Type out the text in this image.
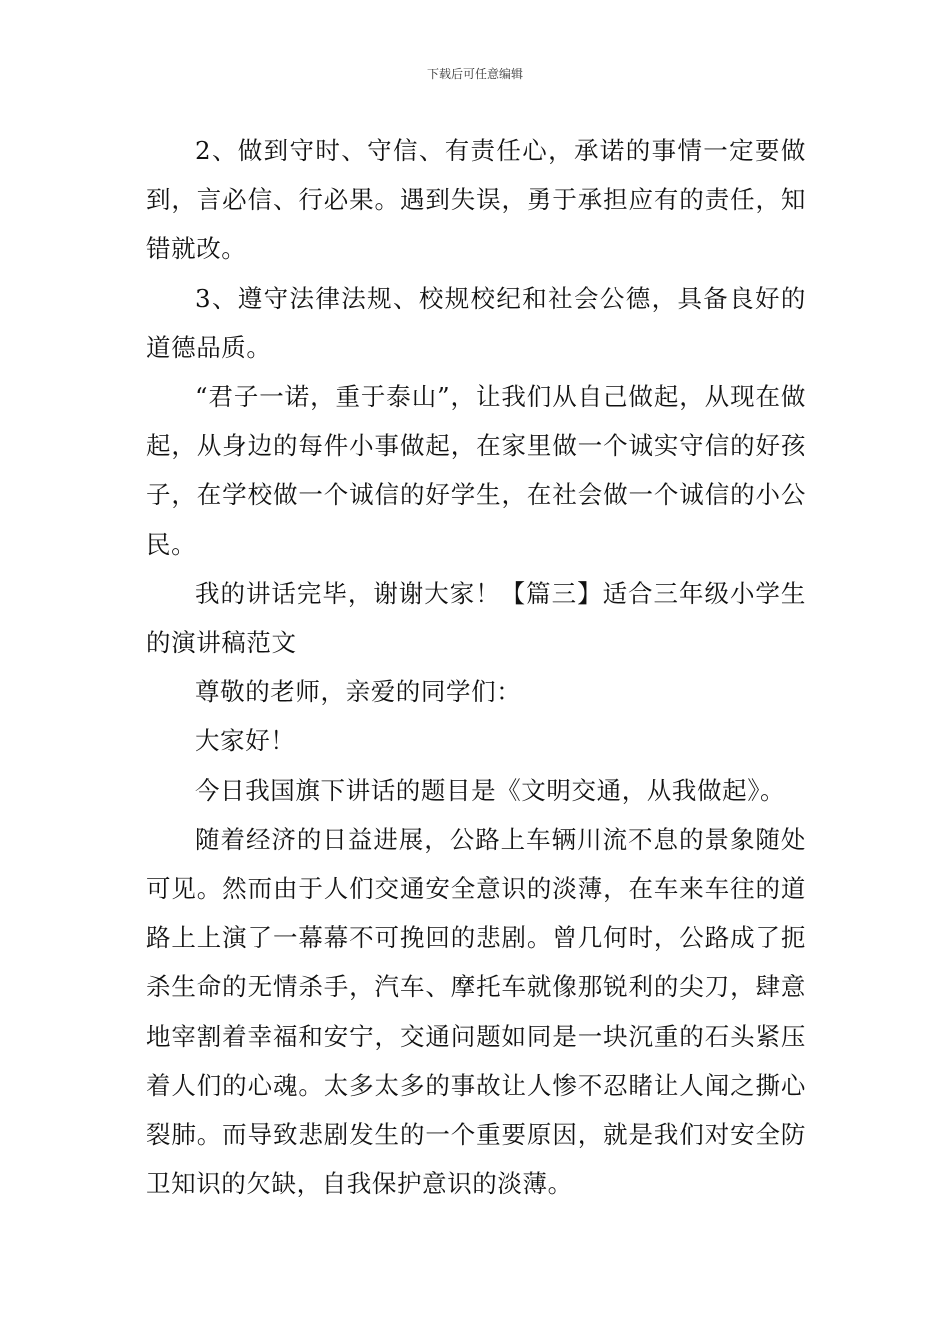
下载后可任意编辑

2、做到守时、守信、有责任心，承诺的事情一定要做到，言必信、行必果。遇到失误，勇于承担应有的责任，知错就改。

3、遵守法律法规、校规校纪和社会公德，具备良好的道德品质。

“君子一诺，重于泰山”，让我们从自己做起，从现在做起，从身边的每件小事做起，在家里做一个诚实守信的好孩子，在学校做一个诚信的好学生，在社会做一个诚信的小公民。

我的讲话完毕，谢谢大家！【篇三】适合三年级小学生的演讲稿范文

尊敬的老师，亲爱的同学们：

大家好！

今日我国旗下讲话的题目是《文明交通，从我做起》。

随着经济的日益进展，公路上车辆川流不息的景象随处可见。然而由于人们交通安全意识的淡薄，在车来车往的道路上上演了一幕幕不可挽回的悲剧。曾几何时，公路成了扼杀生命的无情杀手，汽车、摩托车就像那锐利的尖刀，肆意地宰割着幸福和安宁，交通问题如同是一块沉重的石头紧压着人们的心魂。太多太多的事故让人惨不忍睹让人闻之撕心裂肺。而导致悲剧发生的一个重要原因，就是我们对安全防卫知识的欠缺，自我保护意识的淡薄。
